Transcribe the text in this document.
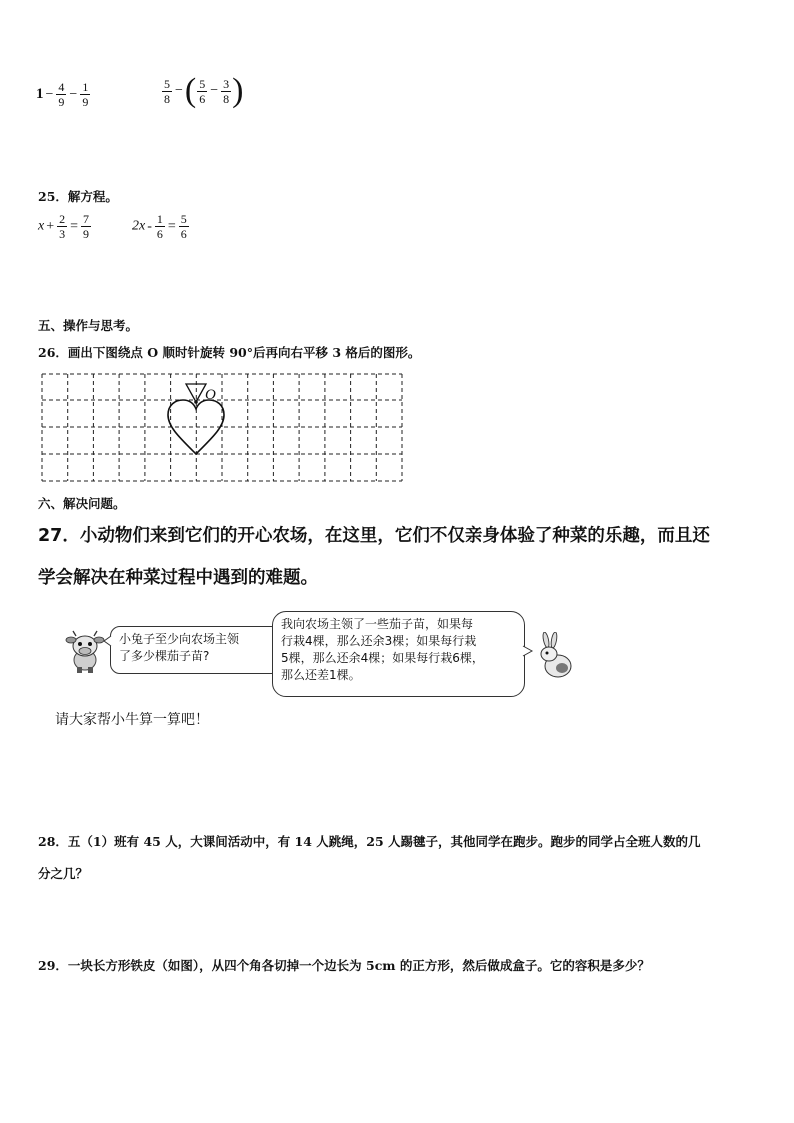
$1 - \frac{4}{9} - \frac{1}{9}$	$\frac{5}{8}$ −( $\frac{5}{6} - \frac{3}{8}$ )
25．解方程。
$x + \frac{2}{3} = \frac{7}{9}$	$2x - \frac{1}{6} = \frac{5}{6}$
五、操作与思考。
26．画出下图绕点 O 顺时针旋转 90°后再向右平移 3 格后的图形。
O
六、解决问题。
27．小动物们来到它们的开心农场，在这里，它们不仅亲身体验了种菜的乐趣，而且还
学会解决在种菜过程中遇到的难题。
小兔子至少向农场主领
了多少棵茄子苗?
我向农场主领了一些茄子苗，如果每
行栽4棵，那么还余3棵；如果每行栽
5棵，那么还余4棵；如果每行栽6棵，
那么还差1棵。
请大家帮小牛算一算吧！
28．五（1）班有 45 人，大课间活动中，有 14 人跳绳，25 人踢毽子，其他同学在跑步。跑步的同学占全班人数的几
分之几？
29．一块长方形铁皮（如图），从四个角各切掉一个边长为 5cm 的正方形，然后做成盒子。它的容积是多少？
